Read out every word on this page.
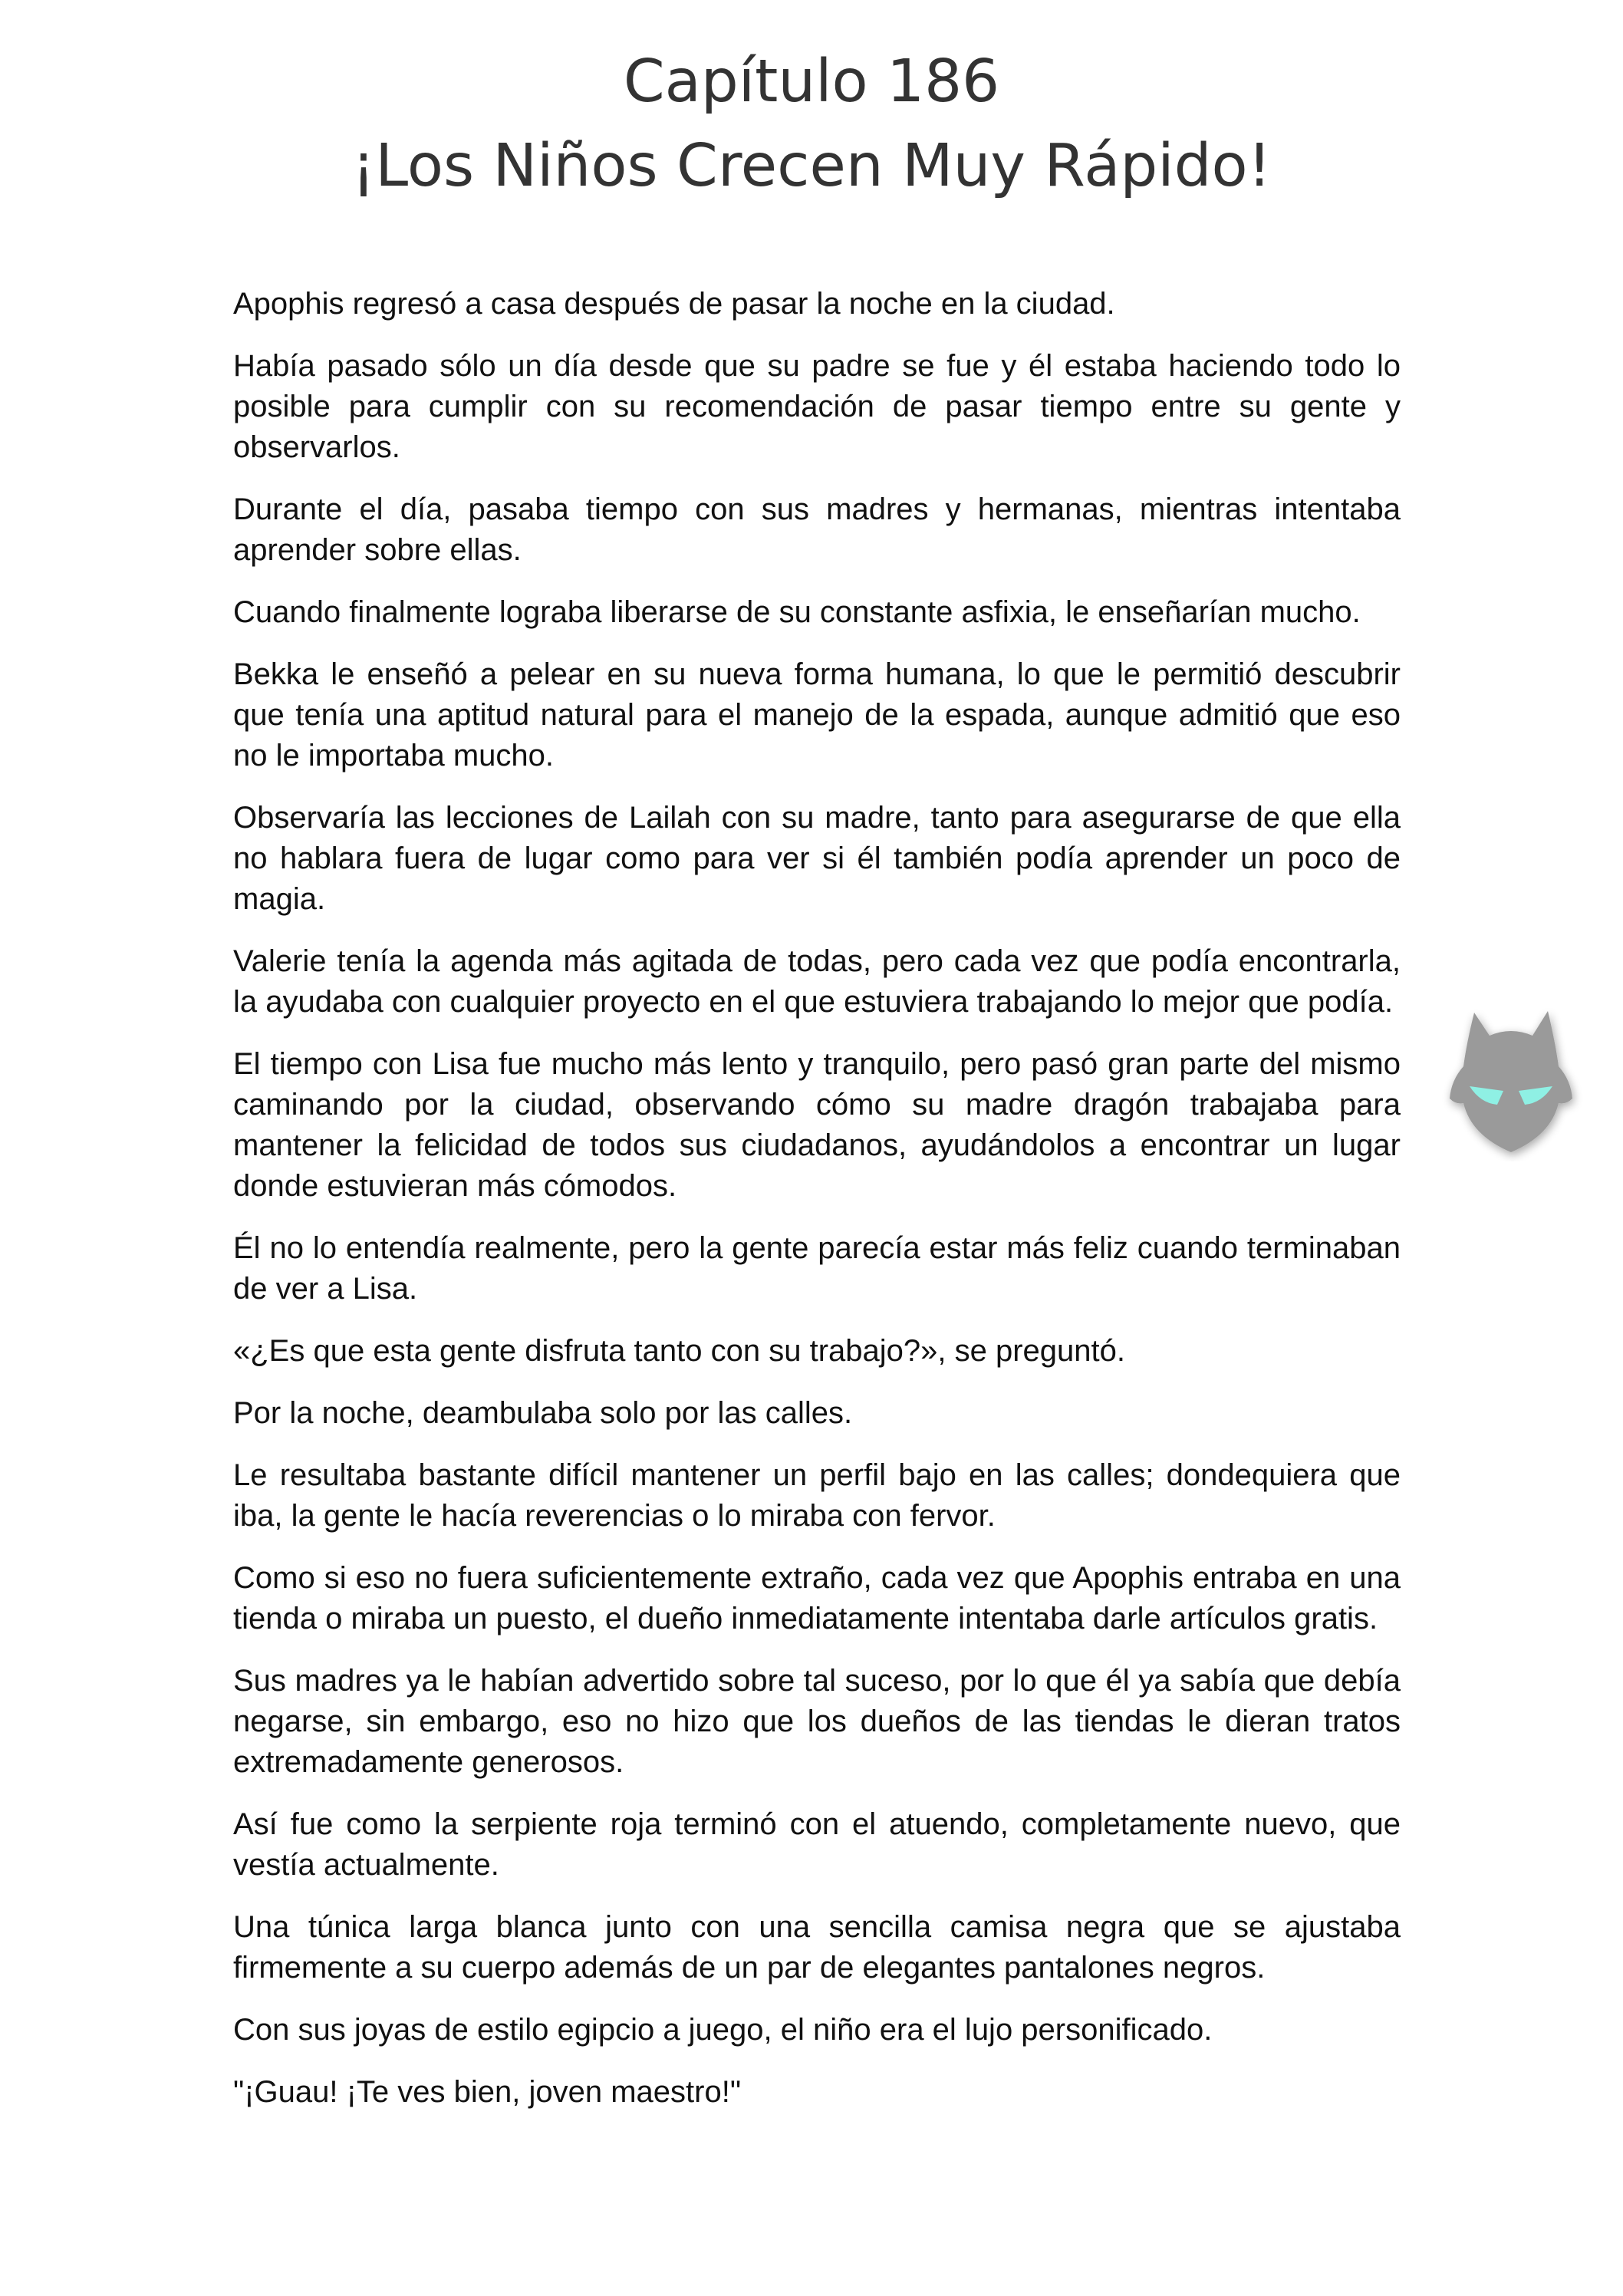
Capítulo 186
¡Los Niños Crecen Muy Rápido!

Apophis regresó a casa después de pasar la noche en la ciudad.

Había pasado sólo un día desde que su padre se fue y él estaba haciendo todo lo posible para cumplir con su recomendación de pasar tiempo entre su gente y observarlos.

Durante el día, pasaba tiempo con sus madres y hermanas, mientras intentaba aprender sobre ellas.

Cuando finalmente lograba liberarse de su constante asfixia, le enseñarían mucho.

Bekka le enseñó a pelear en su nueva forma humana, lo que le permitió descubrir que tenía una aptitud natural para el manejo de la espada, aunque admitió que eso no le importaba mucho.

Observaría las lecciones de Lailah con su madre, tanto para asegurarse de que ella no hablara fuera de lugar como para ver si él también podía aprender un poco de magia.

Valerie tenía la agenda más agitada de todas, pero cada vez que podía encontrarla, la ayudaba con cualquier proyecto en el que estuviera trabajando lo mejor que podía.

El tiempo con Lisa fue mucho más lento y tranquilo, pero pasó gran parte del mismo caminando por la ciudad, observando cómo su madre dragón trabajaba para mantener la felicidad de todos sus ciudadanos, ayudándolos a encontrar un lugar donde estuvieran más cómodos.

Él no lo entendía realmente, pero la gente parecía estar más feliz cuando terminaban de ver a Lisa.

«¿Es que esta gente disfruta tanto con su trabajo?», se preguntó.

Por la noche, deambulaba solo por las calles.

Le resultaba bastante difícil mantener un perfil bajo en las calles; dondequiera que iba, la gente le hacía reverencias o lo miraba con fervor.

Como si eso no fuera suficientemente extraño, cada vez que Apophis entraba en una tienda o miraba un puesto, el dueño inmediatamente intentaba darle artículos gratis.

Sus madres ya le habían advertido sobre tal suceso, por lo que él ya sabía que debía negarse, sin embargo, eso no hizo que los dueños de las tiendas le dieran tratos extremadamente generosos.

Así fue como la serpiente roja terminó con el atuendo, completamente nuevo, que vestía actualmente.

Una túnica larga blanca junto con una sencilla camisa negra que se ajustaba firmemente a su cuerpo además de un par de elegantes pantalones negros.

Con sus joyas de estilo egipcio a juego, el niño era el lujo personificado.

"¡Guau! ¡Te ves bien, joven maestro!"
